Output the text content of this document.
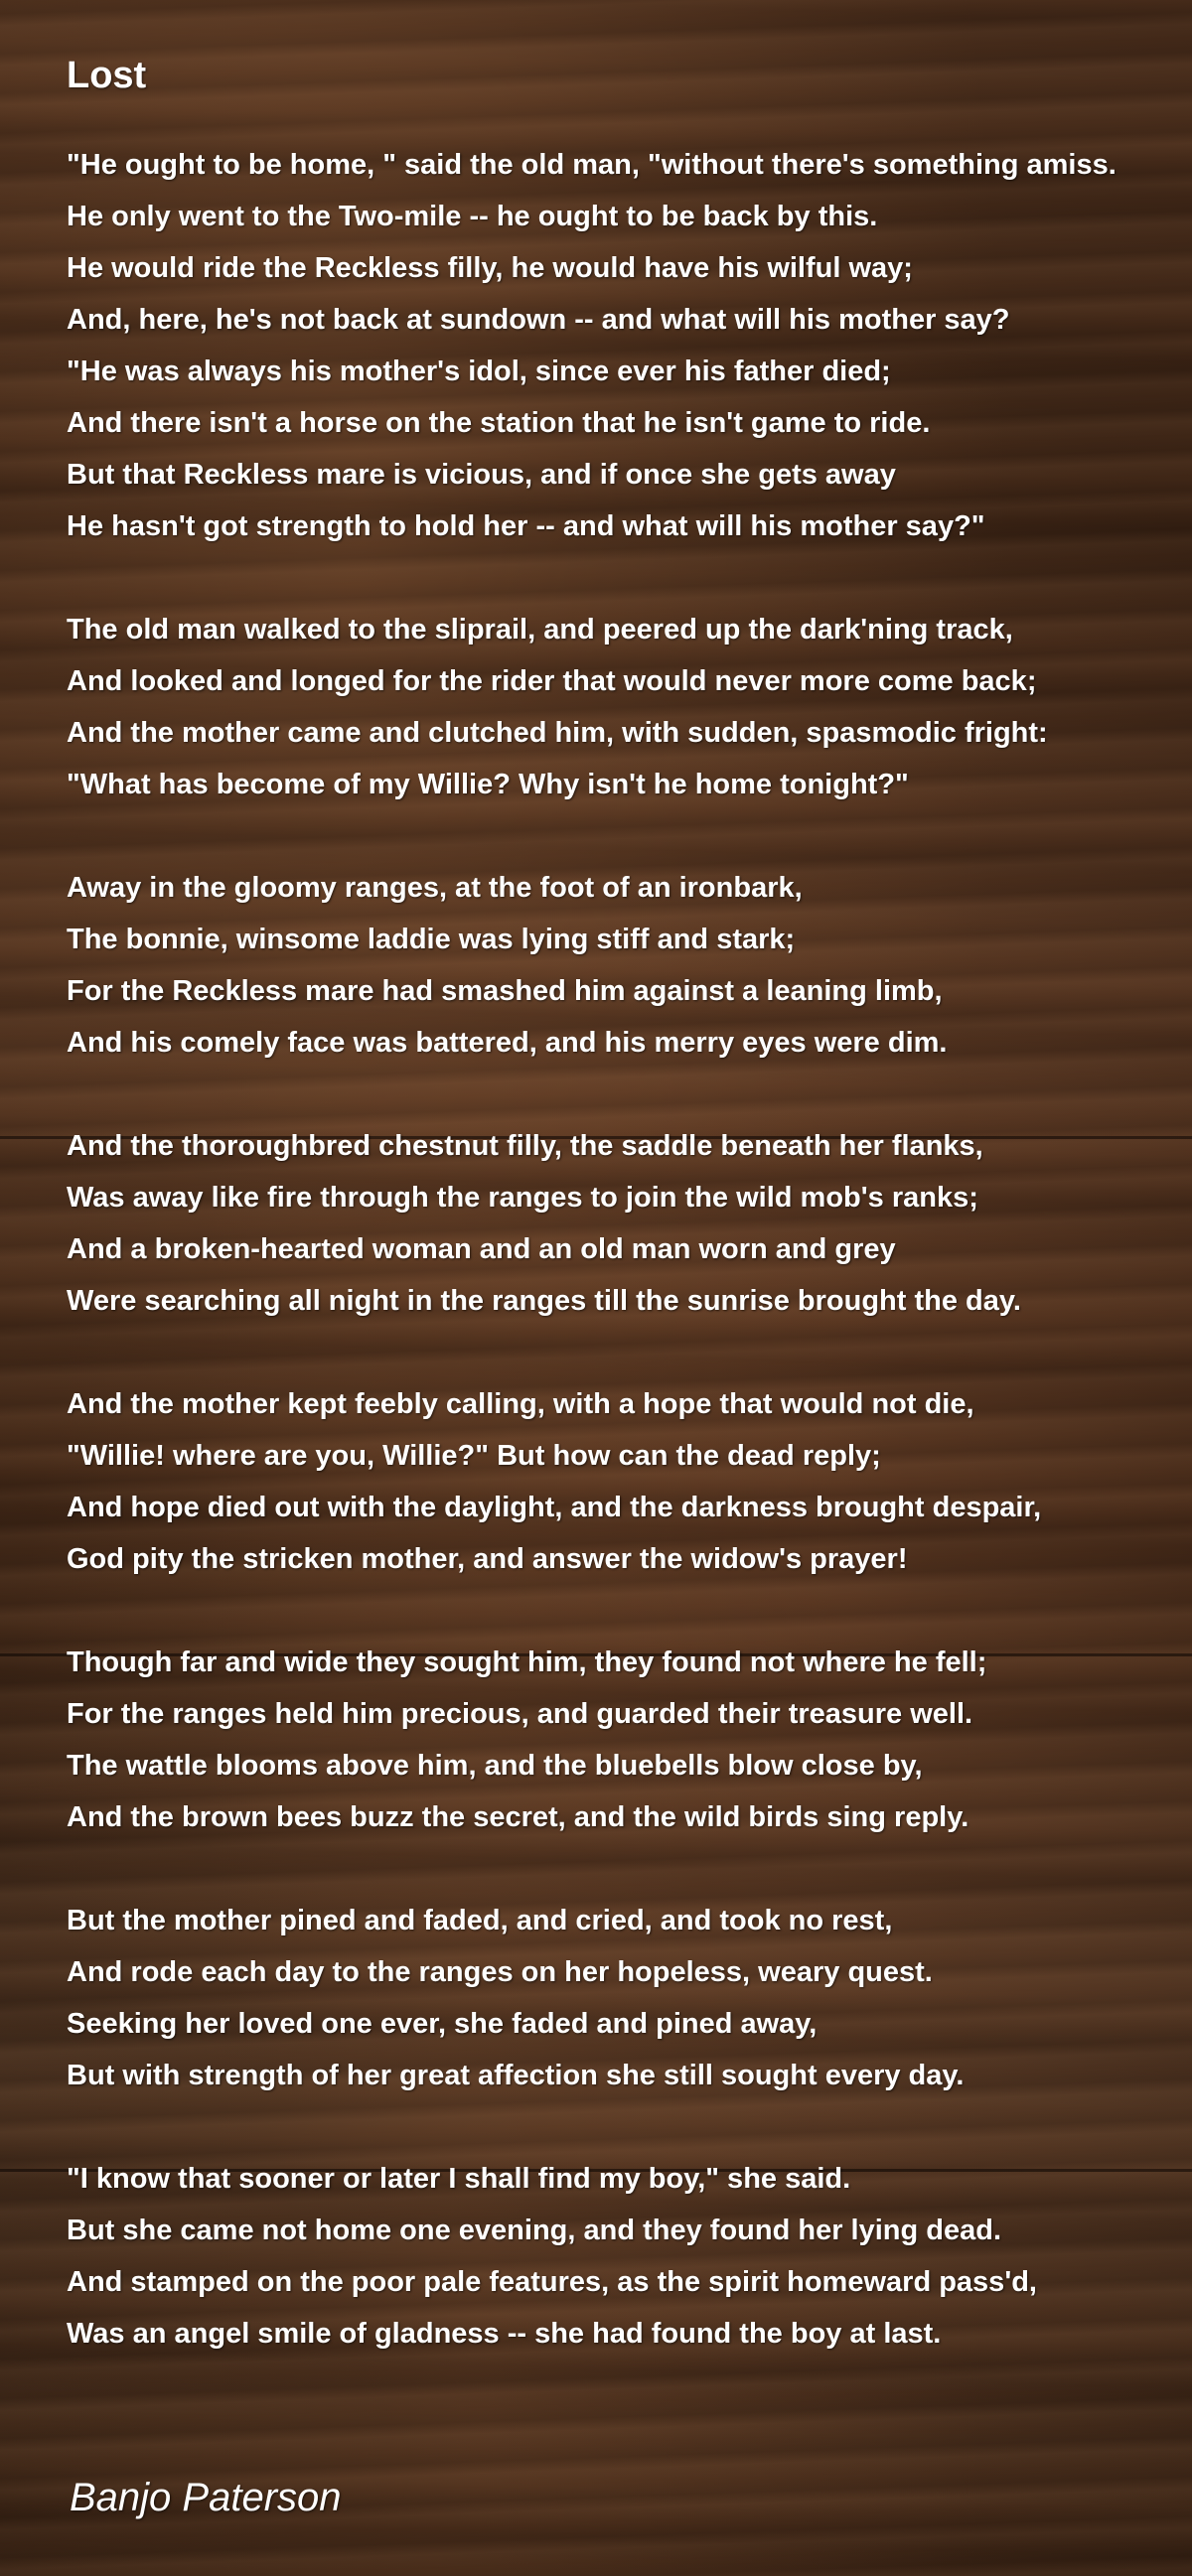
Lost
"He ought to be home, " said the old man, "without there's something amiss.
He only went to the Two-mile -- he ought to be back by this.
He would ride the Reckless filly, he would have his wilful way;
And, here, he's not back at sundown -- and what will his mother say?
"He was always his mother's idol, since ever his father died;
And there isn't a horse on the station that he isn't game to ride.
But that Reckless mare is vicious, and if once she gets away
He hasn't got strength to hold her -- and what will his mother say?"
The old man walked to the sliprail, and peered up the dark'ning track,
And looked and longed for the rider that would never more come back;
And the mother came and clutched him, with sudden, spasmodic fright:
"What has become of my Willie? Why isn't he home tonight?"
Away in the gloomy ranges, at the foot of an ironbark,
The bonnie, winsome laddie was lying stiff and stark;
For the Reckless mare had smashed him against a leaning limb,
And his comely face was battered, and his merry eyes were dim.
And the thoroughbred chestnut filly, the saddle beneath her flanks,
Was away like fire through the ranges to join the wild mob's ranks;
And a broken-hearted woman and an old man worn and grey
Were searching all night in the ranges till the sunrise brought the day.
And the mother kept feebly calling, with a hope that would not die,
"Willie! where are you, Willie?" But how can the dead reply;
And hope died out with the daylight, and the darkness brought despair,
God pity the stricken mother, and answer the widow's prayer!
Though far and wide they sought him, they found not where he fell;
For the ranges held him precious, and guarded their treasure well.
The wattle blooms above him, and the bluebells blow close by,
And the brown bees buzz the secret, and the wild birds sing reply.
But the mother pined and faded, and cried, and took no rest,
And rode each day to the ranges on her hopeless, weary quest.
Seeking her loved one ever, she faded and pined away,
But with strength of her great affection she still sought every day.
"I know that sooner or later I shall find my boy," she said.
But she came not home one evening, and they found her lying dead.
And stamped on the poor pale features, as the spirit homeward pass'd,
Was an angel smile of gladness -- she had found the boy at last.
Banjo Paterson
